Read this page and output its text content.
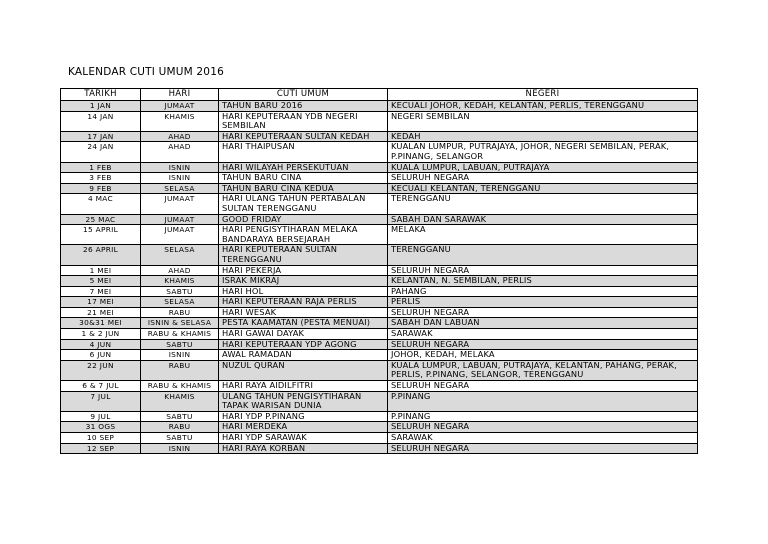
KALENDAR CUTI UMUM 2016
TARIKH	HARI	CUTI UMUM	NEGERI
1 JAN	JUMAAT	TAHUN BARU 2016	KECUALI JOHOR, KEDAH, KELANTAN, PERLIS, TERENGGANU
14 JAN	KHAMIS	HARI KEPUTERAAN YDB NEGERI SEMBILAN	NEGERI SEMBILAN
17 JAN	AHAD	HARI KEPUTERAAN SULTAN KEDAH	KEDAH
24 JAN	AHAD	HARI THAIPUSAN	KUALAN LUMPUR, PUTRAJAYA, JOHOR, NEGERI SEMBILAN, PERAK, P.PINANG, SELANGOR
1 FEB	ISNIN	HARI WILAYAH PERSEKUTUAN	KUALA LUMPUR, LABUAN, PUTRAJAYA
3 FEB	ISNIN	TAHUN BARU CINA	SELURUH NEGARA
9 FEB	SELASA	TAHUN BARU CINA KEDUA	KECUALI KELANTAN, TERENGGANU
4 MAC	JUMAAT	HARI ULANG TAHUN PERTABALAN SULTAN TERENGGANU	TERENGGANU
25 MAC	JUMAAT	GOOD FRIDAY	SABAH DAN SARAWAK
15 APRIL	JUMAAT	HARI PENGISYTIHARAN MELAKA BANDARAYA BERSEJARAH	MELAKA
26 APRIL	SELASA	HARI KEPUTERAAN SULTAN TERENGGANU	TERENGGANU
1 MEI	AHAD	HARI PEKERJA	SELURUH NEGARA
5 MEI	KHAMIS	ISRAK MIKRAJ	KELANTAN, N. SEMBILAN, PERLIS
7 MEI	SABTU	HARI HOL	PAHANG
17 MEI	SELASA	HARI KEPUTERAAN RAJA PERLIS	PERLIS
21 MEI	RABU	HARI WESAK	SELURUH NEGARA
30&31 MEI	ISNIN & SELASA	PESTA KAAMATAN (PESTA MENUAI)	SABAH DAN LABUAN
1 & 2 JUN	RABU & KHAMIS	HARI GAWAI DAYAK	SARAWAK
4 JUN	SABTU	HARI KEPUTERAAN YDP AGONG	SELURUH NEGARA
6 JUN	ISNIN	AWAL RAMADAN	JOHOR, KEDAH, MELAKA
22 JUN	RABU	NUZUL QURAN	KUALA LUMPUR, LABUAN, PUTRAJAYA, KELANTAN, PAHANG, PERAK, PERLIS, P.PINANG, SELANGOR, TERENGGANU
6 & 7 JUL	RABU & KHAMIS	HARI RAYA AIDILFITRI	SELURUH NEGARA
7 JUL	KHAMIS	ULANG TAHUN PENGISYTIHARAN TAPAK WARISAN DUNIA	P.PINANG
9 JUL	SABTU	HARI YDP P.PINANG	P.PINANG
31 OGS	RABU	HARI MERDEKA	SELURUH NEGARA
10 SEP	SABTU	HARI YDP SARAWAK	SARAWAK
12 SEP	ISNIN	HARI RAYA KORBAN	SELURUH NEGARA
